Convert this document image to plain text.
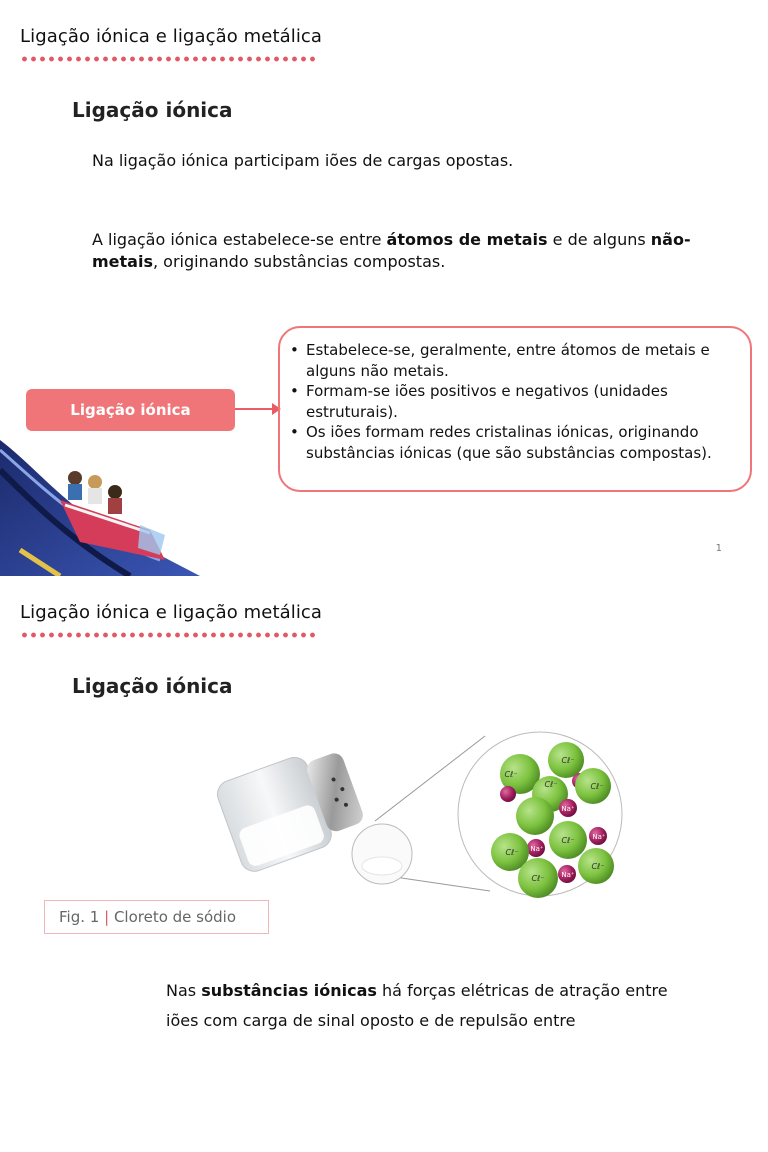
Ligação iónica e ligação metálica
Ligação iónica
Na ligação iónica participam iões de cargas opostas.
A ligação iónica estabelece-se entre átomos de metais e de alguns não-metais, originando substâncias compostas.
Ligação iónica
• Estabelece-se, geralmente, entre átomos de metais e alguns não metais.
• Formam-se iões positivos e negativos (unidades estruturais).
• Os iões formam redes cristalinas iónicas, originando substâncias iónicas (que são substâncias compostas).
1
Ligação iónica e ligação metálica
Ligação iónica
Cℓ⁻
Cℓ⁻
Cℓ⁻
Cℓ⁻
Cℓ⁻
Cℓ⁻
Cℓ⁻
Cℓ⁻
Na⁺
Na⁺
Na⁺
Na⁺
Fig. 1
|
Cloreto de sódio
Nas substâncias iónicas há forças elétricas de atração entre iões com carga de sinal oposto e de repulsão entre
